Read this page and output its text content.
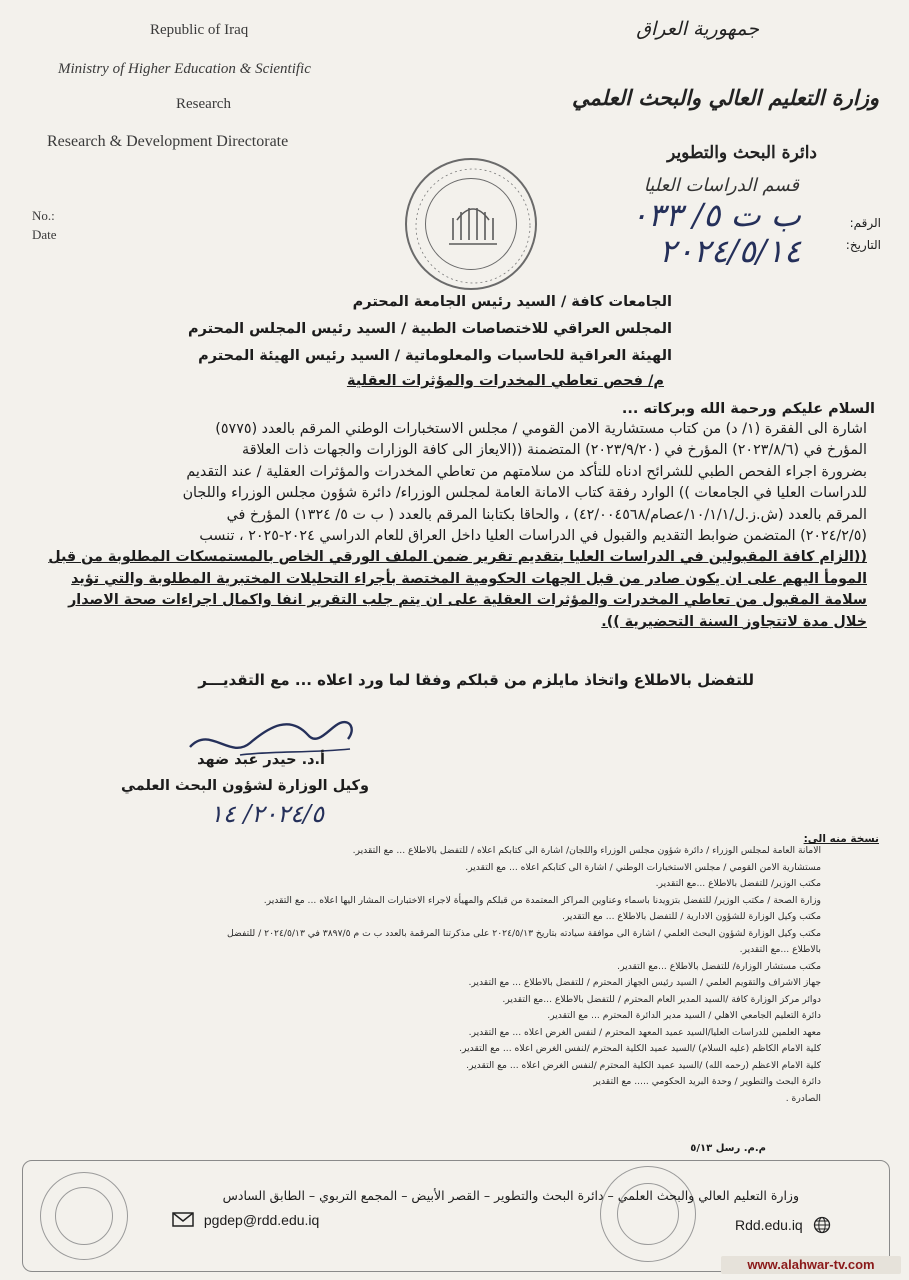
Republic of Iraq
Ministry of Higher Education & Scientific
Research
Research & Development Directorate
No.:
Date
جمهورية العراق
وزارة التعليم العالي والبحث العلمي
دائرة البحث والتطوير
قسم الدراسات العليا
الرقم:
التاريخ:
ب ت ٥/ ٠٣٣
٢٠٢٤/٥/١٤
الجامعات كافة / السيد رئيس الجامعة المحترم
المجلس العراقي للاختصاصات الطبية / السيد رئيس المجلس المحترم
الهيئة العراقية للحاسبات والمعلوماتية / السيد رئيس الهيئة المحترم
م/ فحص تعاطي المخدرات والمؤثرات العقلية
السلام عليكم ورحمة الله وبركاته ...
اشارة الى الفقرة (١/ د) من كتاب مستشارية الامن القومي / مجلس الاستخبارات الوطني المرقم بالعدد (٥٧٧٥)
المؤرخ في (٢٠٢٣/٨/٦) المؤرخ في (٢٠٢٣/٩/٢٠) المتضمنة ((الايعاز الى كافة الوزارات والجهات ذات العلاقة
بضرورة اجراء الفحص الطبي للشرائح ادناه للتأكد من سلامتهم من تعاطي المخدرات والمؤثرات العقلية / عند التقديم
للدراسات العليا في الجامعات )) الوارد رفقة كتاب الامانة العامة لمجلس الوزراء/ دائرة شؤون مجلس الوزراء واللجان
المرقم بالعدد (ش.ز.ل/١٠/١/١/عصام/٤٢/٠٠٤٥٦٨) ، والحاقا بكتابنا المرقم بالعدد ( ب ت ٥/ ١٣٢٤) المؤرخ في
(٢٠٢٤/٢/٥) المتضمن ضوابط التقديم والقبول في الدراسات العليا داخل العراق للعام الدراسي ٢٠٢٤-٢٠٢٥ ، تنسب
((الزام كافة المقبولين في الدراسات العليا بتقديم تقرير ضمن الملف الورقي الخاص بالمستمسكات المطلوبة من قبل
المومأ اليهم على ان يكون صادر من قبل الجهات الحكومية المختصة بأجراء التحليلات المختبرية المطلوبة والتي تؤيد
سلامة المقبول من تعاطي المخدرات والمؤثرات العقلية على ان يتم جلب التقرير انفا واكمال اجراءات صحة الاصدار
خلال مدة لاتتجاوز السنة التحضيرية )).
للتفضل بالاطلاع واتخاذ مايلزم من قبلكم وفقا لما ورد اعلاه ... مع التقديـــر
أ.د. حيدر عبد ضهد
وكيل الوزارة لشؤون البحث العلمي
٢٠٢٤/٥/ ١٤
نسخة منه الى:
الامانة العامة لمجلس الوزراء / دائرة شؤون مجلس الوزراء واللجان/ اشارة الى كتابكم اعلاه / للتفضل بالاطلاع ... مع التقدير.
مستشارية الامن القومي / مجلس الاستخبارات الوطني / اشارة الى كتابكم اعلاه ... مع التقدير.
مكتب الوزير/ للتفضل بالاطلاع ...مع التقدير.
وزارة الصحة / مكتب الوزير/ للتفضل بتزويدنا باسماء وعناوين المراكز المعتمدة من قبلكم والمهيأة لاجراء الاختبارات المشار اليها اعلاه ... مع التقدير.
مكتب وكيل الوزارة للشؤون الادارية / للتفضل بالاطلاع ... مع التقدير.
مكتب وكيل الوزارة لشؤون البحث العلمي / اشارة الى موافقة سيادته بتاريخ ٢٠٢٤/٥/١٣ على مذكرتنا المرقمة بالعدد ب ت م ٣٨٩٧/٥ في ٢٠٢٤/٥/١٣ / للتفضل
بالاطلاع ...مع التقدير.
مكتب مستشار الوزارة/ للتفضل بالاطلاع ...مع التقدير.
جهاز الاشراف والتقويم العلمي / السيد رئيس الجهاز المحترم / للتفضل بالاطلاع ... مع التقدير.
دوائر مركز الوزارة كافة /السيد المدير العام المحترم / للتفضل بالاطلاع ...مع التقدير.
دائرة التعليم الجامعي الاهلي / السيد مدير الدائرة المحترم ... مع التقدير.
معهد العلمين للدراسات العليا/السيد عميد المعهد المحترم / لنفس الغرض اعلاه ... مع التقدير.
كلية الامام الكاظم (عليه السلام) /السيد عميد الكلية المحترم /لنفس الغرض اعلاه ... مع التقدير.
كلية الامام الاعظم (رحمه الله) /السيد عميد الكلية المحترم /لنفس الغرض اعلاه ... مع التقدير.
دائرة البحث والتطوير / وحدة البريد الحكومي ..... مع التقدير
الصادرة .
م.م. رسل ٥/١٣
وزارة التعليم العالي والبحث العلمي – دائرة البحث والتطوير – القصر الأبيض – المجمع التربوي – الطابق السادس
pgdep@rdd.edu.iq	Rdd.edu.iq
www.alahwar-tv.com
